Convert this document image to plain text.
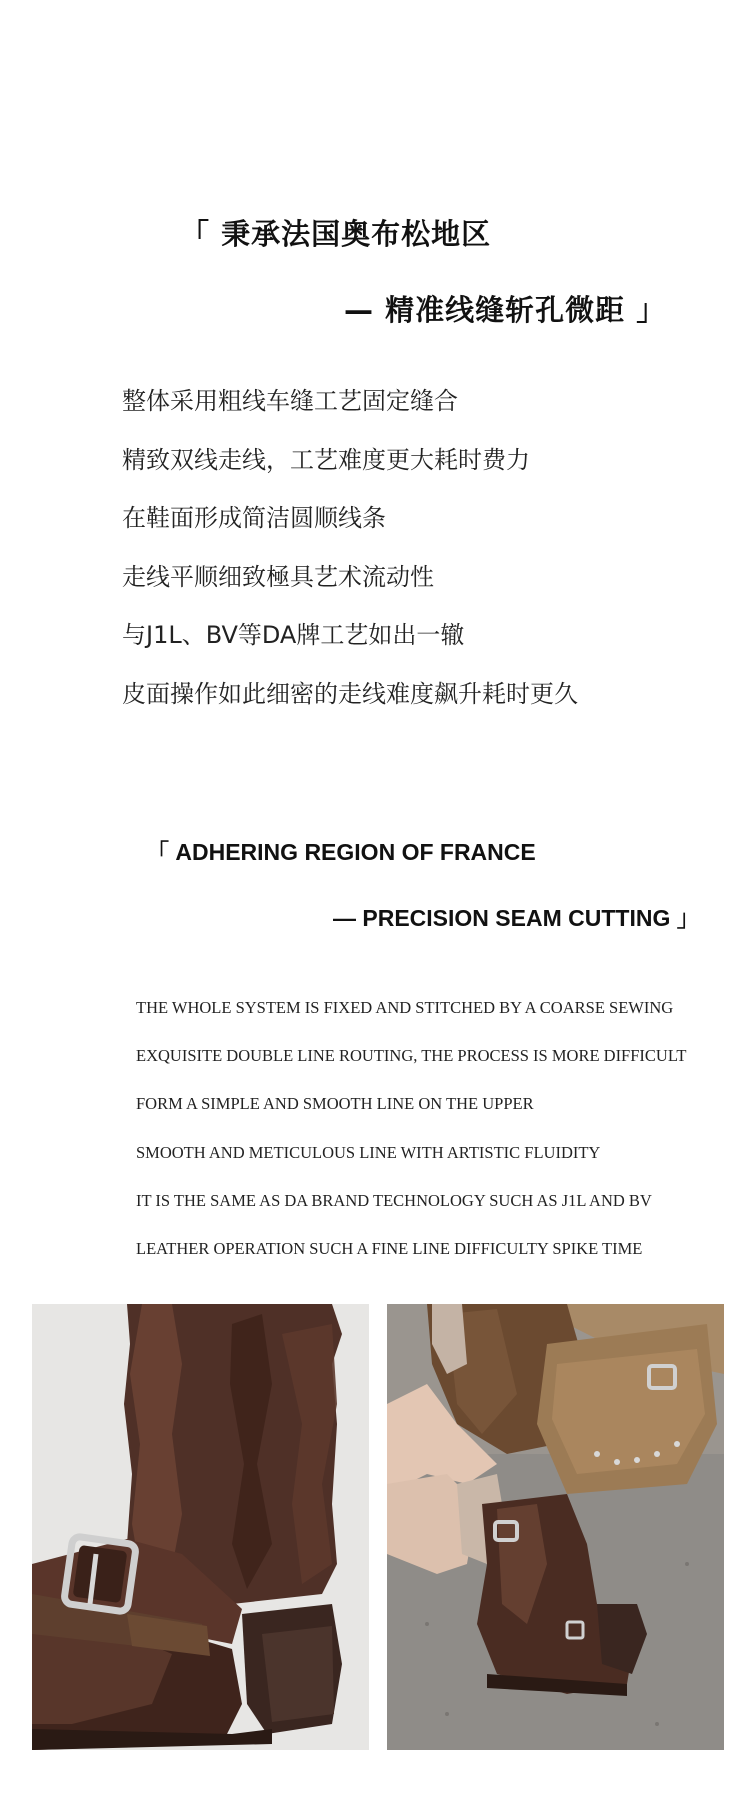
「 秉承法国奥布松地区
— 精准线缝斩孔微距 」
整体采用粗线车缝工艺固定缝合
精致双线走线，工艺难度更大耗时费力
在鞋面形成简洁圆顺线条
走线平顺细致極具艺术流动性
与J1L、BV等DA牌工艺如出一辙
皮面操作如此细密的走线难度飙升耗时更久
「 ADHERING REGION OF FRANCE
— PRECISION SEAM CUTTING 」
THE WHOLE SYSTEM IS FIXED AND STITCHED BY A COARSE SEWING
EXQUISITE DOUBLE LINE ROUTING, THE PROCESS IS MORE DIFFICULT
FORM A SIMPLE AND SMOOTH LINE ON THE UPPER
SMOOTH AND METICULOUS LINE WITH ARTISTIC FLUIDITY
IT IS THE SAME AS DA BRAND TECHNOLOGY SUCH AS J1L AND BV
LEATHER OPERATION SUCH A FINE LINE DIFFICULTY SPIKE TIME
